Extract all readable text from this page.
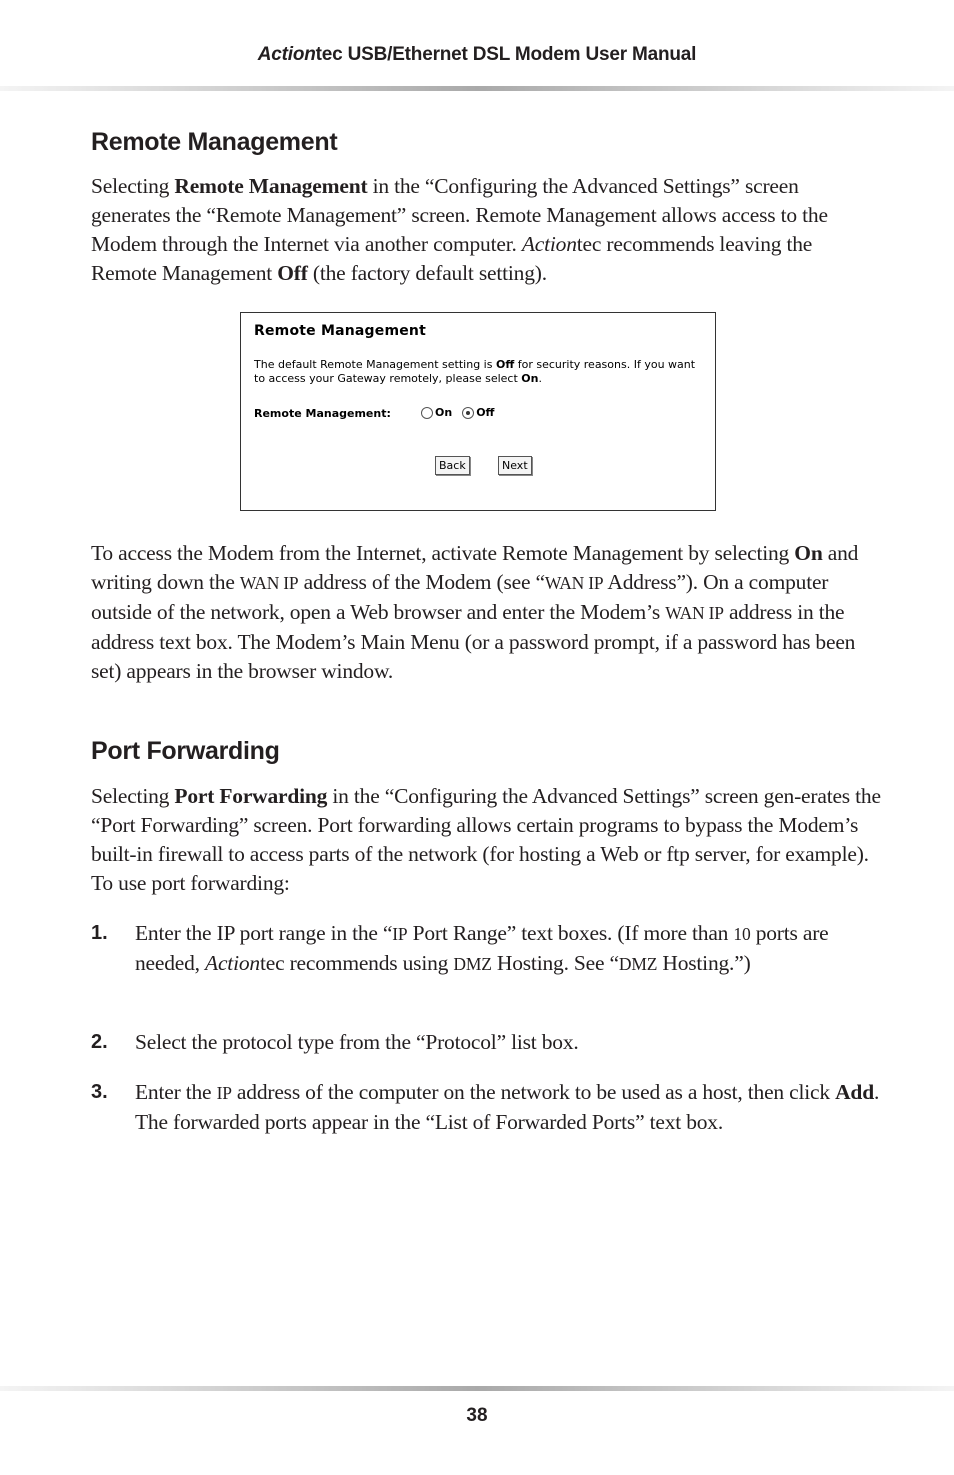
Actiontec USB/Ethernet DSL Modem User Manual
Remote Management
Selecting Remote Management in the “Configuring the Advanced Settings” screen generates the “Remote Management” screen. Remote Management allows access to the Modem through the Internet via another computer. Actiontec recommends leaving the Remote Management Off (the factory default setting).
Remote Management
The default Remote Management setting is Off for security reasons. If you want to access your Gateway remotely, please select On.
Remote Management:	On Off
Back	Next
To access the Modem from the Internet, activate Remote Management by selecting On and writing down the WAN IP address of the Modem (see “WAN IP Address”). On a computer outside of the network, open a Web browser and enter the Modem’s WAN IP address in the address text box. The Modem’s Main Menu (or a password prompt, if a password has been set) appears in the browser window.
Port Forwarding
Selecting Port Forwarding in the “Configuring the Advanced Settings” screen gen-erates the “Port Forwarding” screen. Port forwarding allows certain programs to bypass the Modem’s built-in firewall to access parts of the network (for hosting a Web or ftp server, for example). To use port forwarding:
1. Enter the IP port range in the “IP Port Range” text boxes. (If more than 10 ports are needed, Actiontec recommends using DMZ Hosting. See “DMZ Hosting.”)
2. Select the protocol type from the “Protocol” list box.
3. Enter the IP address of the computer on the network to be used as a host, then click Add. The forwarded ports appear in the “List of Forwarded Ports” text box.
38
